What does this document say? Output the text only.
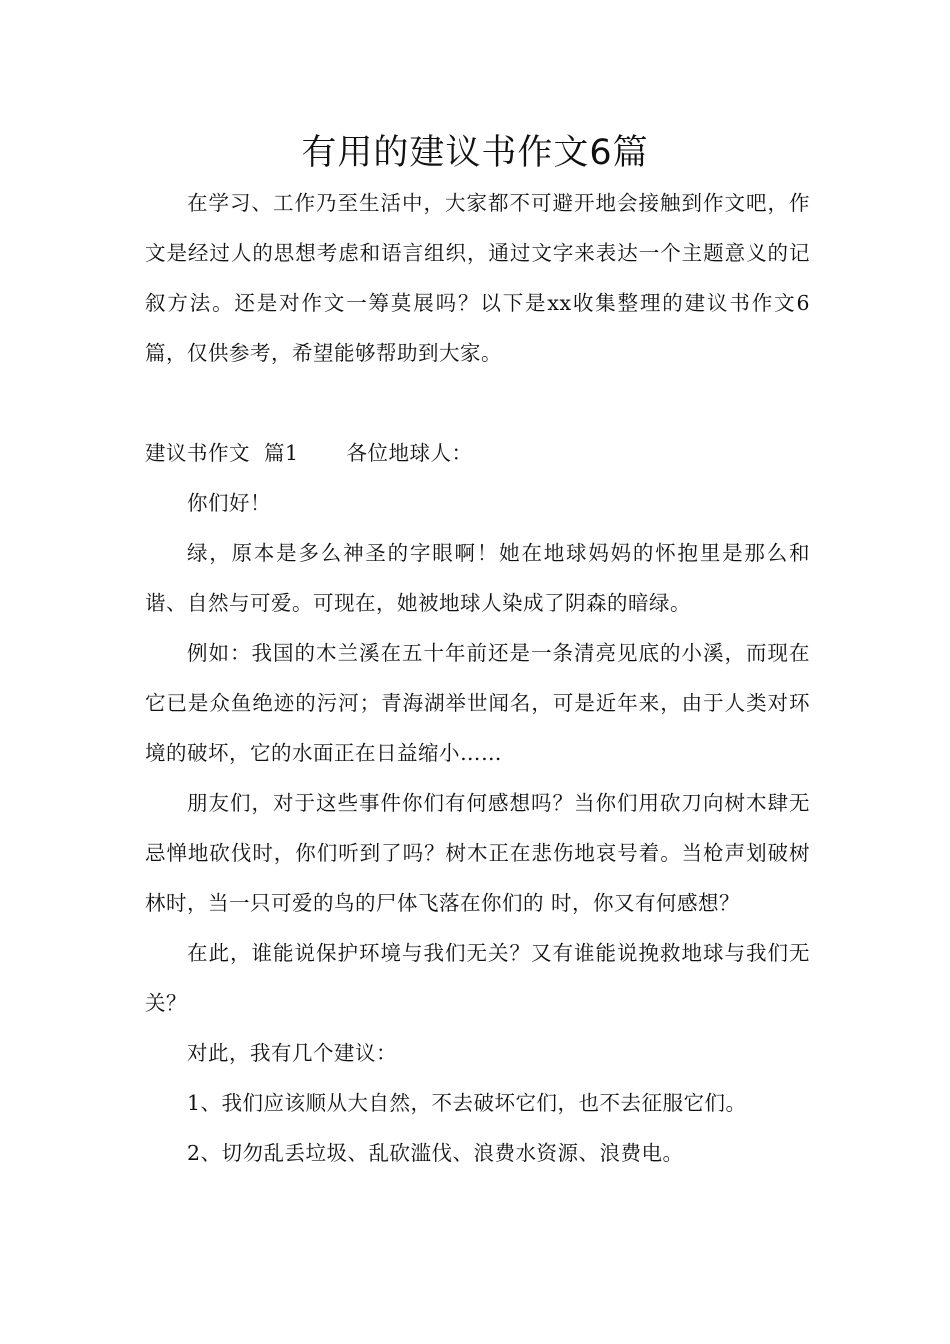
有用的建议书作文6篇

在学习、工作乃至生活中，大家都不可避开地会接触到作文吧，作文是经过人的思想考虑和语言组织，通过文字来表达一个主题意义的记叙方法。还是对作文一筹莫展吗？以下是xx收集整理的建议书作文6篇，仅供参考，希望能够帮助到大家。

建议书作文 篇1 各位地球人：

你们好！

绿，原本是多么神圣的字眼啊！她在地球妈妈的怀抱里是那么和谐、自然与可爱。可现在，她被地球人染成了阴森的暗绿。

例如：我国的木兰溪在五十年前还是一条清亮见底的小溪，而现在它已是众鱼绝迹的污河；青海湖举世闻名，可是近年来，由于人类对环境的破坏，它的水面正在日益缩小……

朋友们，对于这些事件你们有何感想吗？当你们用砍刀向树木肆无忌惮地砍伐时，你们听到了吗？树木正在悲伤地哀号着。当枪声划破树林时，当一只可爱的鸟的尸体飞落在你们的 时，你又有何感想？

在此，谁能说保护环境与我们无关？又有谁能说挽救地球与我们无关？

对此，我有几个建议：

1、我们应该顺从大自然，不去破坏它们，也不去征服它们。

2、切勿乱丢垃圾、乱砍滥伐、浪费水资源、浪费电。
